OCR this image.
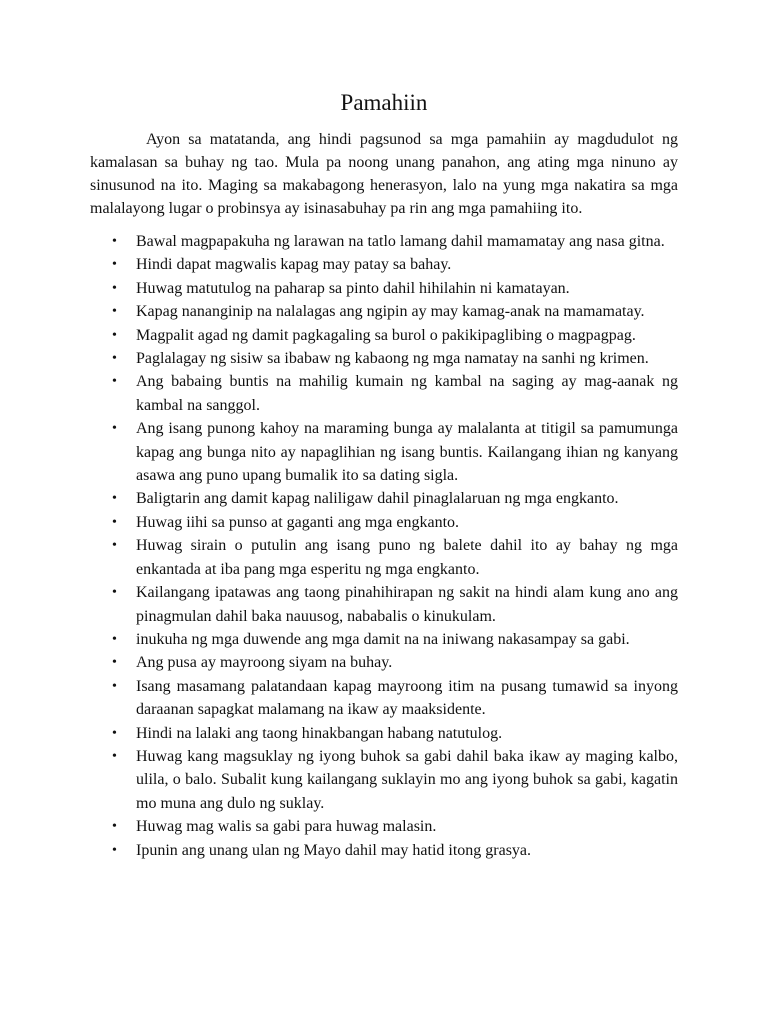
Pamahiin

Ayon sa matatanda, ang hindi pagsunod sa mga pamahiin ay magdudulot ng kamalasan sa buhay ng tao. Mula pa noong unang panahon, ang ating mga ninuno ay sinusunod na ito. Maging sa makabagong henerasyon, lalo na yung mga nakatira sa mga malalayong lugar o probinsya ay isinasabuhay pa rin ang mga pamahiing ito.

• Bawal magpapakuha ng larawan na tatlo lamang dahil mamamatay ang nasa gitna.
• Hindi dapat magwalis kapag may patay sa bahay.
• Huwag matutulog na paharap sa pinto dahil hihilahin ni kamatayan.
• Kapag nananginip na nalalagas ang ngipin ay may kamag-anak na mamamatay.
• Magpalit agad ng damit pagkagaling sa burol o pakikipaglibing o magpagpag.
• Paglalagay ng sisiw sa ibabaw ng kabaong ng mga namatay na sanhi ng krimen.
• Ang babaing buntis na mahilig kumain ng kambal na saging ay mag-aanak ng kambal na sanggol.
• Ang isang punong kahoy na maraming bunga ay malalanta at titigil sa pamumunga kapag ang bunga nito ay napaglihian ng isang buntis. Kailangang ihian ng kanyang asawa ang puno upang bumalik ito sa dating sigla.
• Baligtarin ang damit kapag naliligaw dahil pinaglalaruan ng mga engkanto.
• Huwag iihi sa punso at gaganti ang mga engkanto.
• Huwag sirain o putulin ang isang puno ng balete dahil ito ay bahay ng mga enkantada at iba pang mga esperitu ng mga engkanto.
• Kailangang ipatawas ang taong pinahihirapan ng sakit na hindi alam kung ano ang pinagmulan dahil baka nauusog, nababalis o kinukulam.
• inukuha ng mga duwende ang mga damit na na iniwang nakasampay sa gabi.
• Ang pusa ay mayroong siyam na buhay.
• Isang masamang palatandaan kapag mayroong itim na pusang tumawid sa inyong daraanan sapagkat malamang na ikaw ay maaksidente.
• Hindi na lalaki ang taong hinakbangan habang natutulog.
• Huwag kang magsuklay ng iyong buhok sa gabi dahil baka ikaw ay maging kalbo, ulila, o balo. Subalit kung kailangang suklayin mo ang iyong buhok sa gabi, kagatin mo muna ang dulo ng suklay.
• Huwag mag walis sa gabi para huwag malasin.
• Ipunin ang unang ulan ng Mayo dahil may hatid itong grasya.
